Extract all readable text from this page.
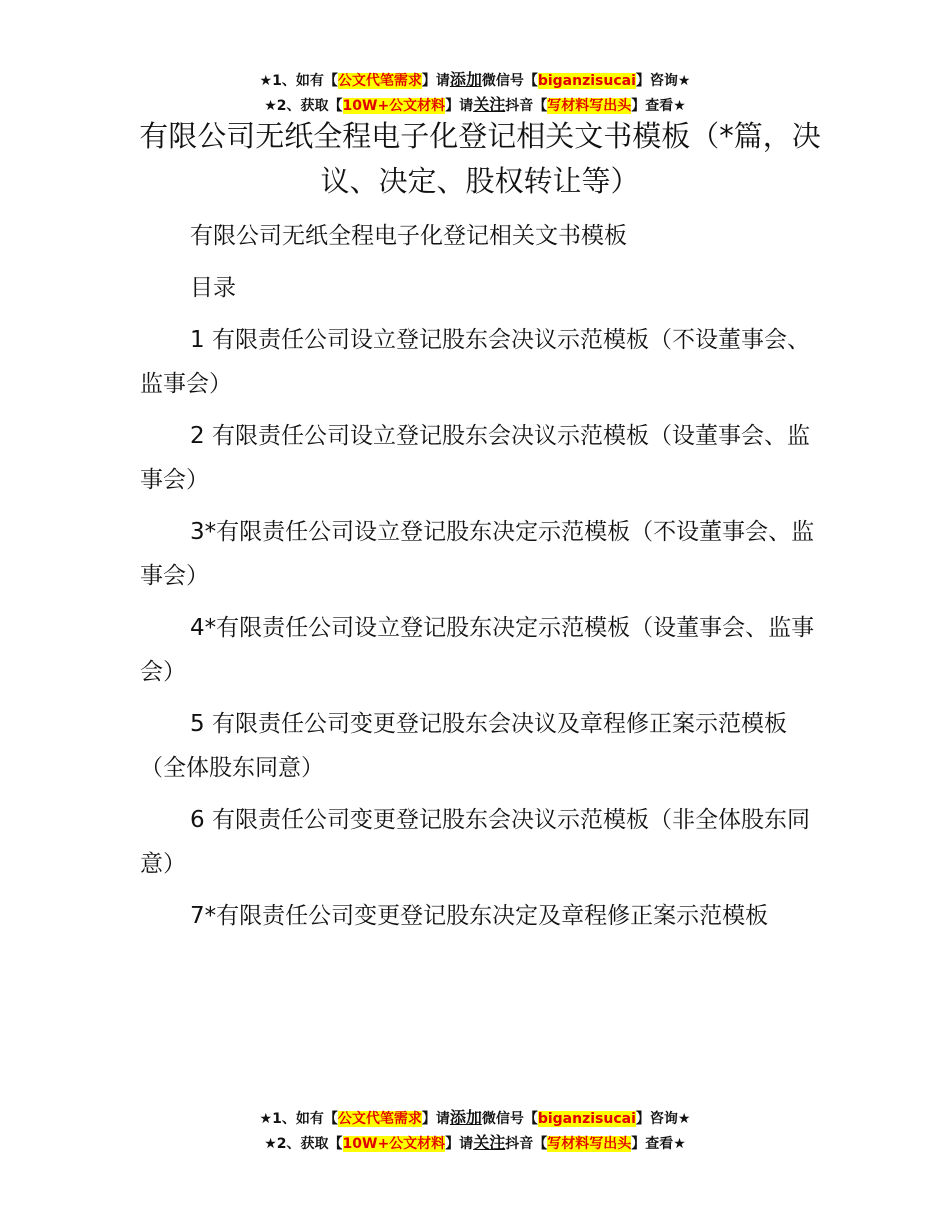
★1、如有【公文代笔需求】请添加微信号【biganzisucai】咨询★
★2、获取【10W+公文材料】请关注抖音【写材料写出头】查看★
有限公司无纸全程电子化登记相关文书模板（*篇，决议、决定、股权转让等）

有限公司无纸全程电子化登记相关文书模板

目录

1 有限责任公司设立登记股东会决议示范模板（不设董事会、监事会）

2 有限责任公司设立登记股东会决议示范模板（设董事会、监事会）

3*有限责任公司设立登记股东决定示范模板（不设董事会、监事会）

4*有限责任公司设立登记股东决定示范模板（设董事会、监事会）

5 有限责任公司变更登记股东会决议及章程修正案示范模板（全体股东同意）

6 有限责任公司变更登记股东会决议示范模板（非全体股东同意）

7*有限责任公司变更登记股东决定及章程修正案示范模板

★1、如有【公文代笔需求】请添加微信号【biganzisucai】咨询★
★2、获取【10W+公文材料】请关注抖音【写材料写出头】查看★
